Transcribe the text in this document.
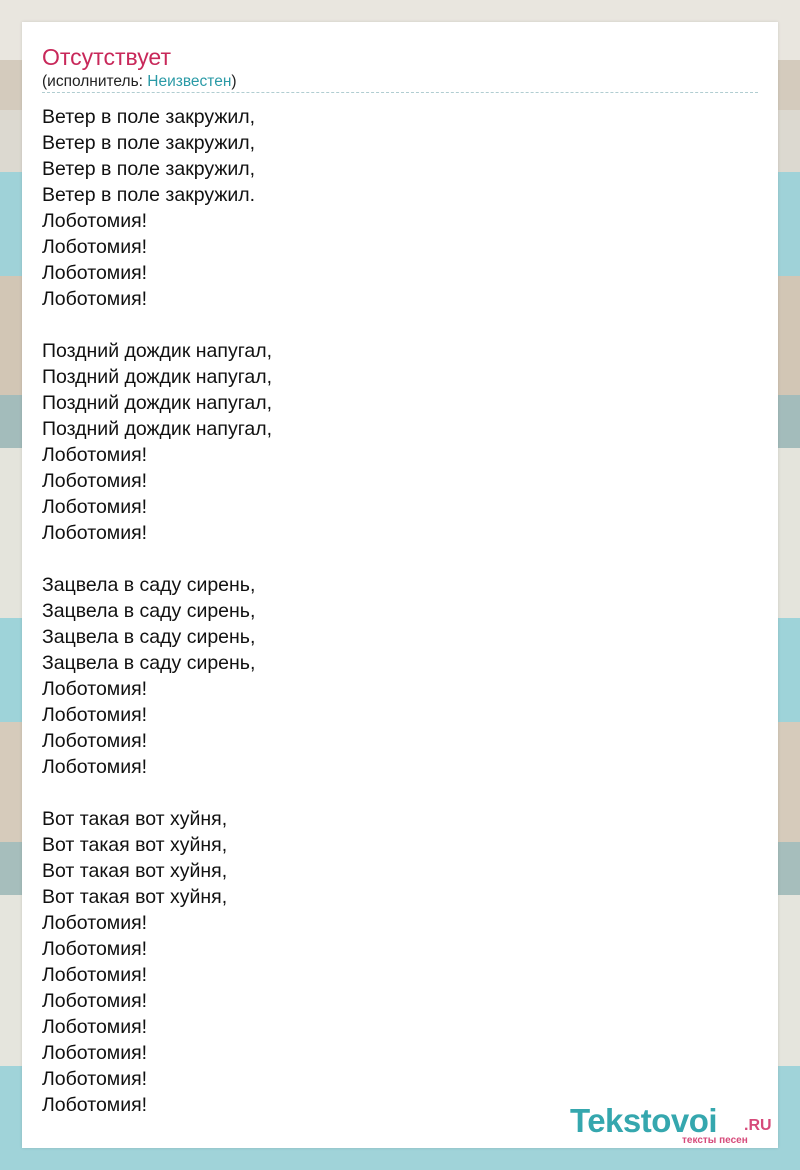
Отсутствует
(исполнитель: Неизвестен)
Ветер в поле закружил,
Ветер в поле закружил,
Ветер в поле закружил,
Ветер в поле закружил.
Лоботомия!
Лоботомия!
Лоботомия!
Лоботомия!
Поздний дождик напугал,
Поздний дождик напугал,
Поздний дождик напугал,
Поздний дождик напугал,
Лоботомия!
Лоботомия!
Лоботомия!
Лоботомия!
Зацвела в саду сирень,
Зацвела в саду сирень,
Зацвела в саду сирень,
Зацвела в саду сирень,
Лоботомия!
Лоботомия!
Лоботомия!
Лоботомия!
Вот такая вот хуйня,
Вот такая вот хуйня,
Вот такая вот хуйня,
Вот такая вот хуйня,
Лоботомия!
Лоботомия!
Лоботомия!
Лоботомия!
Лоботомия!
Лоботомия!
Лоботомия!
Лоботомия!	Tekstovoi .RU
тексты песен
